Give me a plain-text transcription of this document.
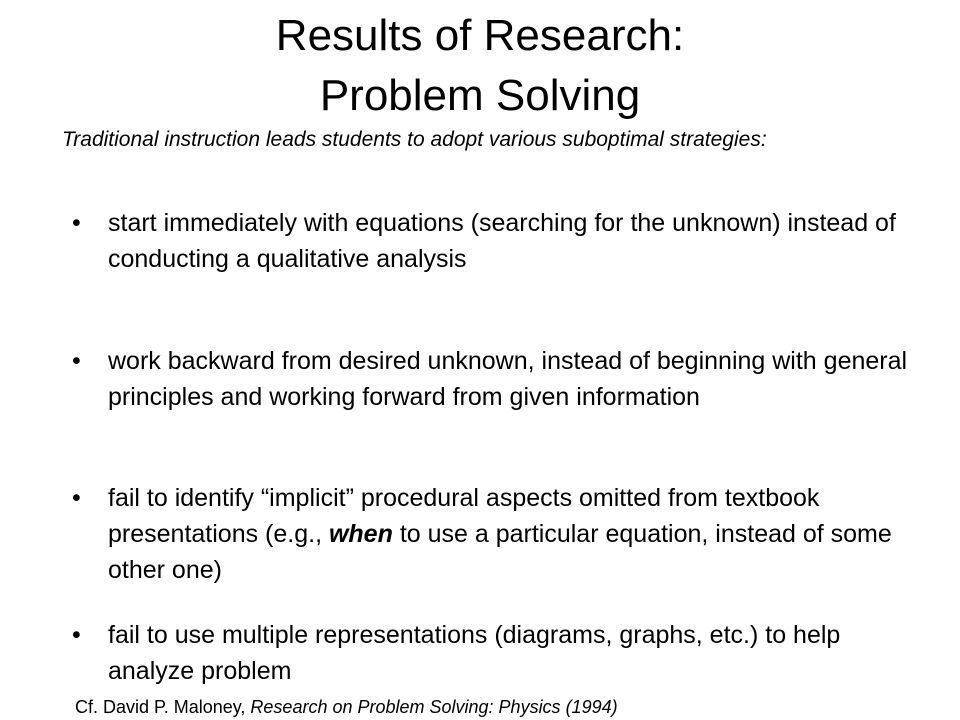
Results of Research:
Problem Solving
Traditional instruction leads students to adopt various suboptimal strategies:
• start immediately with equations (searching for the unknown) instead of conducting a qualitative analysis
• work backward from desired unknown, instead of beginning with general principles and working forward from given information
• fail to identify “implicit” procedural aspects omitted from textbook presentations (e.g., when to use a particular equation, instead of some other one)
• fail to use multiple representations (diagrams, graphs, etc.) to help analyze problem
Cf. David P. Maloney, Research on Problem Solving: Physics (1994)
